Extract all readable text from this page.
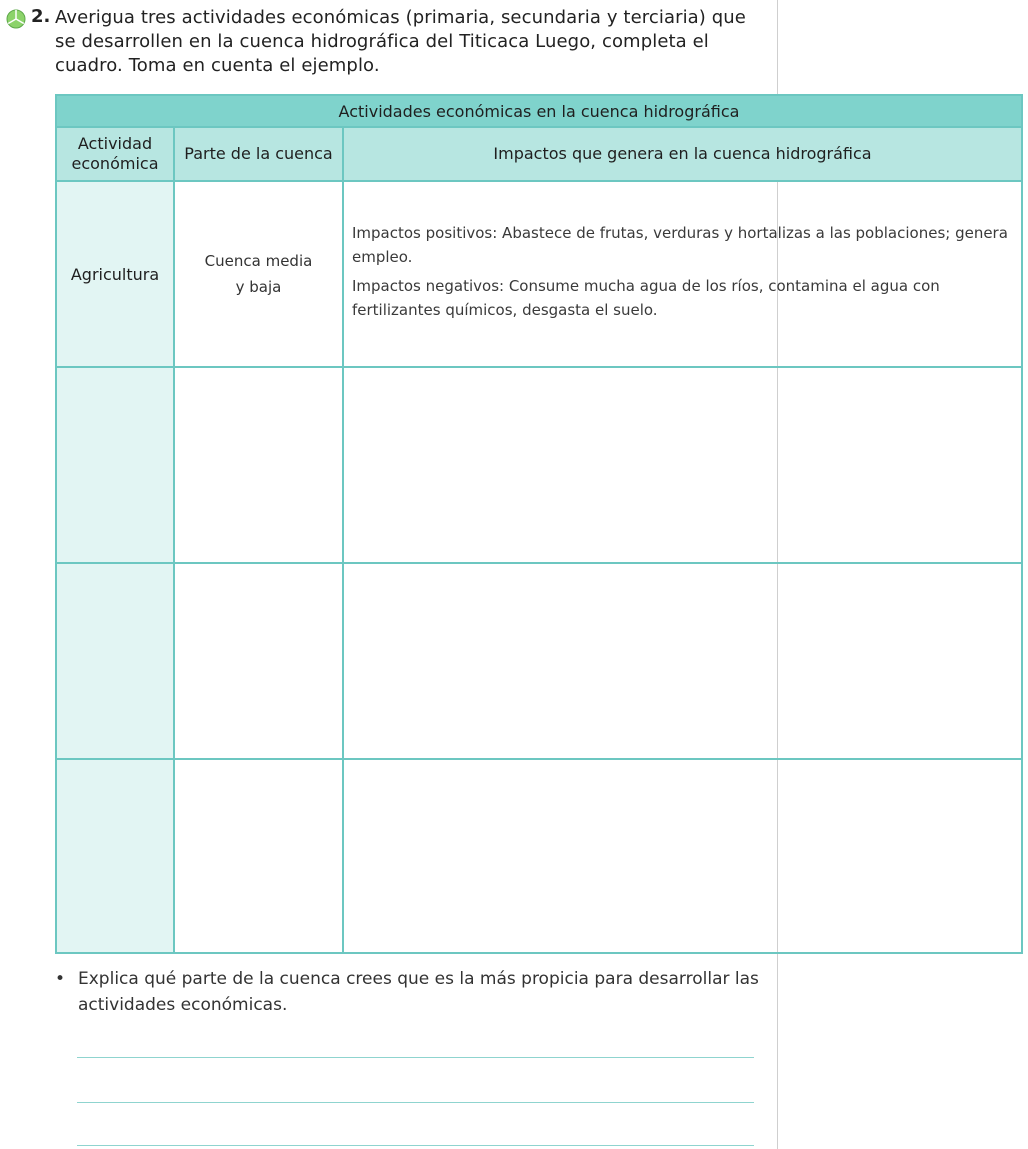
2. Averigua tres actividades económicas (primaria, secundaria y terciaria) que se desarrollen en la cuenca hidrográfica del Titicaca Luego, completa el cuadro. Toma en cuenta el ejemplo.

Actividades económicas en la cuenca hidrográfica		
Actividad económica	Parte de la cuenca	Impactos que genera en la cuenca hidrográfica
Agricultura	Cuenca media y baja	Impactos positivos: Abastece de frutas, verduras y hortalizas a las poblaciones; genera empleo.

Impactos negativos: Consume mucha agua de los ríos, contamina el agua con fertilizantes químicos, desgasta el suelo.

• Explica qué parte de la cuenca crees que es la más propicia para desarrollar las actividades económicas.
